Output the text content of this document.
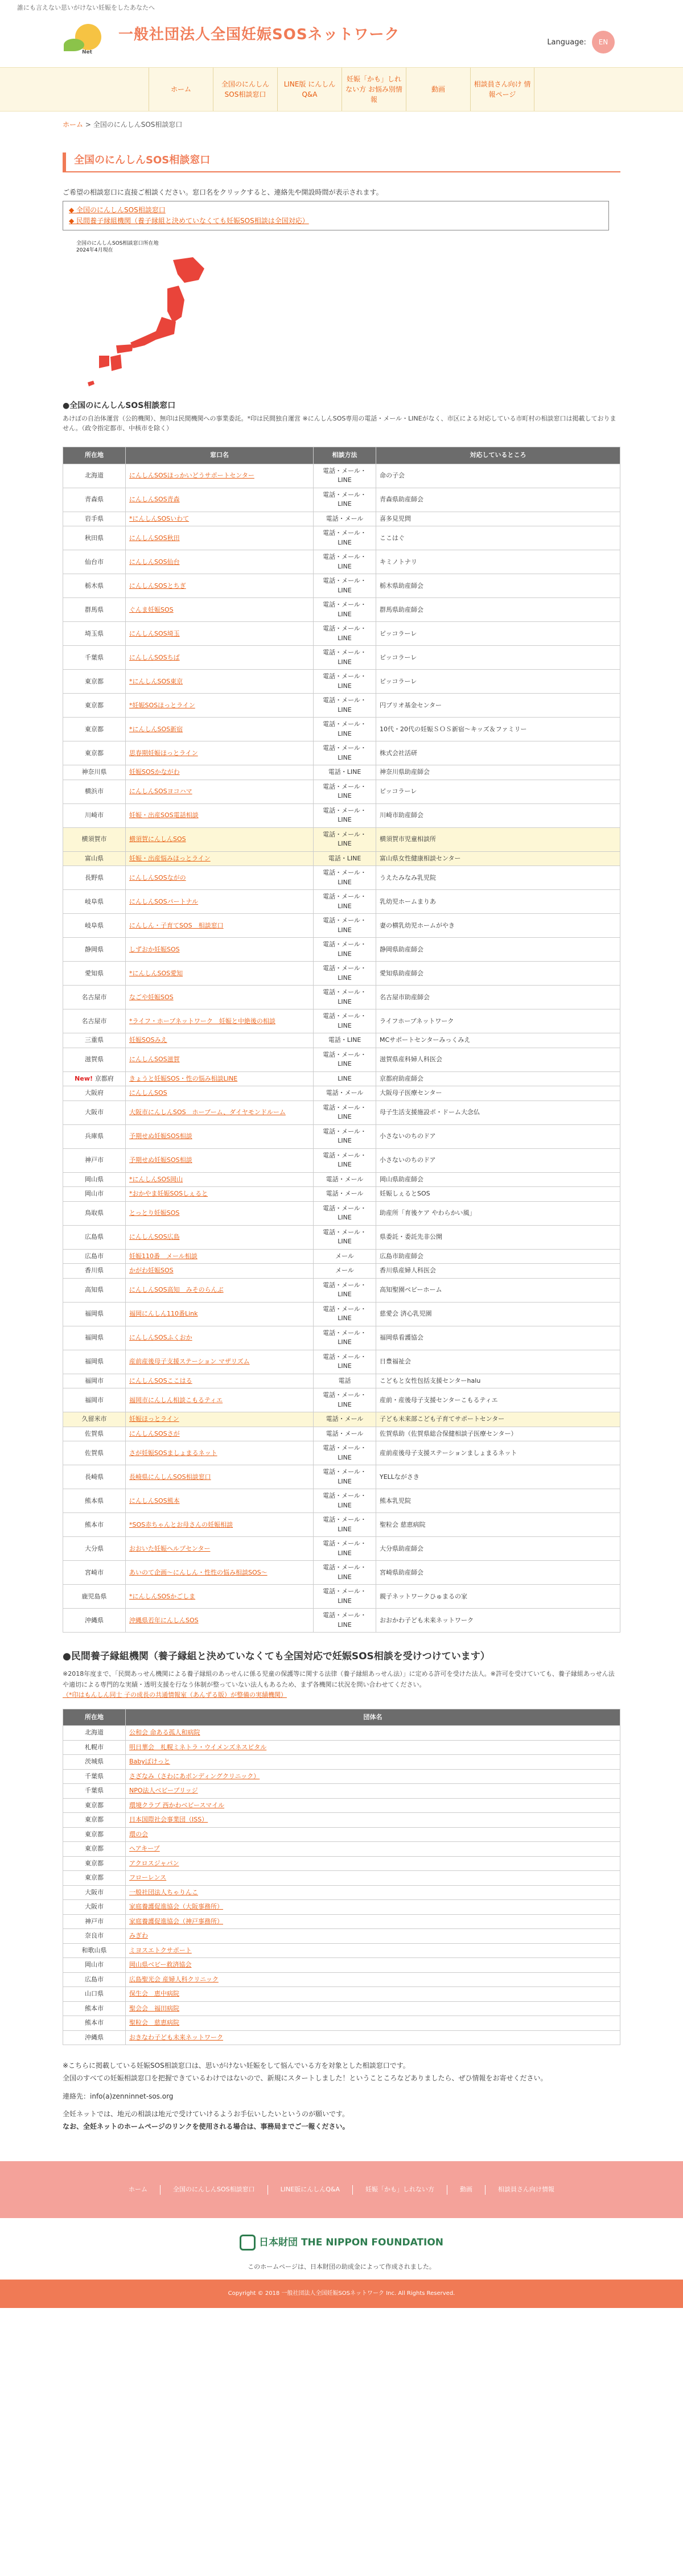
誰にも言えない思いがけない妊娠をしたあなたへ
Net
一般社団法人全国妊娠SOSネットワーク	Language: EN
ホーム
全国のにんしん SOS相談窓口
LINE版 にんしんQ&A
妊娠「かも」しれ ない方 お悩み別情報
動画
相談員さん向け 情報ページ
ホーム > 全国のにんしんSOS相談窓口
全国のにんしんSOS相談窓口
ご希望の相談窓口に直接ご相談ください。窓口名をクリックすると、連絡先や開設時間が表示されます。
◆ 全国のにんしんSOS相談窓口
◆ 民間養子縁組機関（養子縁組と決めていなくても妊娠SOS相談は全国対応）
全国のにんしんSOS相談窓口所在地
2024年4月現在
●全国のにんしんSOS相談窓口
あけぼの自治体運営（公的機関）、無印は民間機関への事業委託。*印は民間独自運営 ※にんしんSOS専用の電話・メール・LINEがなく、市区による対応している市町村の相談窓口は掲載しておりません。（政令指定都市、中核市を除く）
所在地	窓口名	相談方法	対応しているところ
北海道	にんしんSOSほっかいどうサポートセンター	電話・メール・LINE	命の子会
青森県	にんしんSOS青森	電話・メール・LINE	青森県助産師会
岩手県	*にんしんSOSいわて	電話・メール	喜多見児問
秋田県	にんしんSOS秋田	電話・メール・LINE	ここはぐ
仙台市	にんしんSOS仙台	電話・メール・LINE	キミノトナリ
栃木県	にんしんSOSとちぎ	電話・メール・LINE	栃木県助産師会
群馬県	ぐんま妊娠SOS	電話・メール・LINE	群馬県助産師会
埼玉県	にんしんSOS埼玉	電話・メール・LINE	ピッコラーレ
千葉県	にんしんSOSちば	電話・メール・LINE	ピッコラーレ
東京都	*にんしんSOS東京	電話・メール・LINE	ピッコラーレ
東京都	*妊娠SOSほっとライン	電話・メール・LINE	円ブリオ基金センター
東京都	*にんしんSOS新宿	電話・メール・LINE	10代・20代の妊娠ＳＯＳ新宿～キッズ＆ファミリー
東京都	思春期妊娠ほっとライン	電話・メール・LINE	株式会社活研
神奈川県	妊娠SOSかながわ	電話・LINE	神奈川県助産師会
横浜市	にんしんSOSヨコハマ	電話・メール・LINE	ピッコラーレ
川崎市	妊娠・出産SOS電話相談	電話・メール・LINE	川崎市助産師会
横須賀市	横須賀にんしんSOS	電話・メール・LINE	横須賀市児童相談所
富山県	妊娠・出産悩みほっとライン	電話・LINE	富山県女性健康相談センター
長野県	にんしんSOSながの	電話・メール・LINE	うえたみなみ乳児院
岐阜県	にんしんSOSパートナル	電話・メール・LINE	乳幼児ホームまりあ
岐阜県	にんしん・子育てSOS　相談窓口	電話・メール・LINE	妻の横乳幼児ホームがやき
静岡県	しずおか妊娠SOS	電話・メール・LINE	静岡県助産師会
愛知県	*にんしんSOS愛知	電話・メール・LINE	愛知県助産師会
名古屋市	なごや妊娠SOS	電話・メール・LINE	名古屋市助産師会
名古屋市	*ライフ・ホープネットワーク　妊娠と中絶後の相談	電話・メール・LINE	ライフホープネットワーク
三重県	妊娠SOSみえ	電話・LINE	MCサポートセンターみっくみえ
滋賀県	にんしんSOS滋賀	電話・メール・LINE	滋賀県産科婦人科医会
New! 京都府	きょうと妊娠SOS・性の悩み相談LINE	LINE	京都府助産師会
大阪府	にんしんSOS	電話・メール	大阪母子医療センター
大阪市	大阪市にんしんSOS　ホーブーム、ダイヤモンドルーム	電話・メール・LINE	母子生活支援施設ポ・ドーム大念仏
兵庫県	予期せぬ妊娠SOS相談	電話・メール・LINE	小さないのちのドア
神戸市	予期せぬ妊娠SOS相談	電話・メール・LINE	小さないのちのドア
岡山県	*にんしんSOS岡山	電話・メール	岡山県助産師会
岡山市	*おかやま妊娠SOSしぇると	電話・メール	妊娠しぇるとSOS
鳥取県	とっとり妊娠SOS	電話・メール・LINE	助産所「育後ケア やわらかい風」
広島県	にんしんSOS広島	電話・メール・LINE	県委託・委託先非公開
広島市	妊娠110番　メール相談	メール	広島市助産師会
香川県	かがわ妊娠SOS	メール	香川県産婦人科医会
高知県	にんしんSOS高知　みそのらんぶ	電話・メール・LINE	高知聖園ベビーホーム
福岡県	福岡にんしん110番Link	電話・メール・LINE	慈愛会 済心乳児園
福岡県	にんしんSOSふくおか	電話・メール・LINE	福岡県看護協会
福岡県	産前産後母子支援ステーション マザリズム	電話・メール・LINE	日豊福祉会
福岡市	にんしんSOSここはる	電話	こどもと女性包括支援センターhalu
福岡市	福岡市にんしん相談こもるティエ	電話・メール・LINE	産前・産後母子支援センターこもるティエ
久留米市	妊娠ほっとライン	電話・メール	子ども未来部こども子育てサポートセンター
佐賀県	にんしんSOSさが	電話・メール	佐賀県助（佐賀県総合保健相談子医療センター）
佐賀県	さが妊娠SOSましょまるネット	電話・メール・LINE	産前産後母子支援ステーションましょまるネット
長崎県	長崎県にんしんSOS相談窓口	電話・メール・LINE	YELLながさき
熊本県	にんしんSOS熊本	電話・メール・LINE	熊本乳児院
熊本市	*SOS赤ちゃんとお母さんの妊娠相談	電話・メール・LINE	聖粒会 慈恵病院
大分県	おおいた妊娠ヘルプセンター	電話・メール・LINE	大分県助産師会
宮崎市	あいのて企画～にんしん・性性の悩み相談SOS～	電話・メール・LINE	宮崎県助産師会
鹿児島県	*にんしんSOSかごしま	電話・メール・LINE	親子ネットワークひゅまるの家
沖縄県	沖縄県若年にんしんSOS	電話・メール・LINE	おおかわ子ども未来ネットワーク
●民間養子縁組機関（養子縁組と決めていなくても全国対応で妊娠SOS相談を受けつけています）
※2018年度まで、「民間あっせん機関による養子縁組のあっせんに係る児童の保護等に関する法律（養子縁組あっせん法）」に定める許可を受けた法人。※許可を受けていても、養子縁組あっせん法や適切による専門的な実績・透明支援を行なう体制が整っていない法人もあるため、まず各機関に状況を問い合わせてください。
（*印はもんしん同士 子の成長の共通情報室（あんずる版）が整備の実績機関）
所在地	団体名
北海道	公和会 命ある孤人和病院
札幌市	明日華会　札幌ミネトラ・ウイメンズネスピタル
茨城県	Babyぽけっと
千葉県	さざなみ（さわにあポンディングクリニック）
千葉県	NPO法人ベビーブリッジ
東京都	環境クラブ 西かわベビースマイル
東京都	日本国際社会事業団（ISS）
東京都	環の会
東京都	ヘアキープ
東京都	アクロスジャパン
東京都	フローレンス
大阪市	一般社団法人ちゃりんこ
大阪市	家庭養護促進協会（大阪事務所）
神戸市	家庭養護促進協会（神戸事務所）
奈良市	みぎわ
和歌山県	ミヨスエトクサポート
岡山市	岡山県ベビー救済協会
広島市	広島聖光会 産婦人科クリニック
山口県	保生会　恵中病院
熊本市	聖会会　福田病院
熊本市	聖粒会　慈恵病院
沖縄県	おきなわ子ども未来ネットワーク
※こちらに掲載している妊娠SOS相談窓口は、思いがけない妊娠をして悩んでいる方を対象とした相談窓口です。
全国のすべての妊娠相談窓口を把握できているわけではないので、新規にスタートしました！ということころなどありましたら、ぜひ情報をお寄せください。
連絡先：info(a)zenninnet-sos.org
全妊ネットでは、地元の相談は地元で受けていけるようお手伝いしたいというのが願いです。
なお、全妊ネットのホームページのリンクを使用される場合は、事務局までご一報ください。
ホーム	全国のにんしんSOS相談窓口	LINE版にんしんQ&A	妊娠「かも」しれない方	動画	相談員さん向け情報
日本財団 THE NIPPON FOUNDATION
このホームページは、日本財団の助成金によって作成されました。
Copyright © 2018 一般社団法人全国妊娠SOSネットワーク Inc. All Rights Reserved.
